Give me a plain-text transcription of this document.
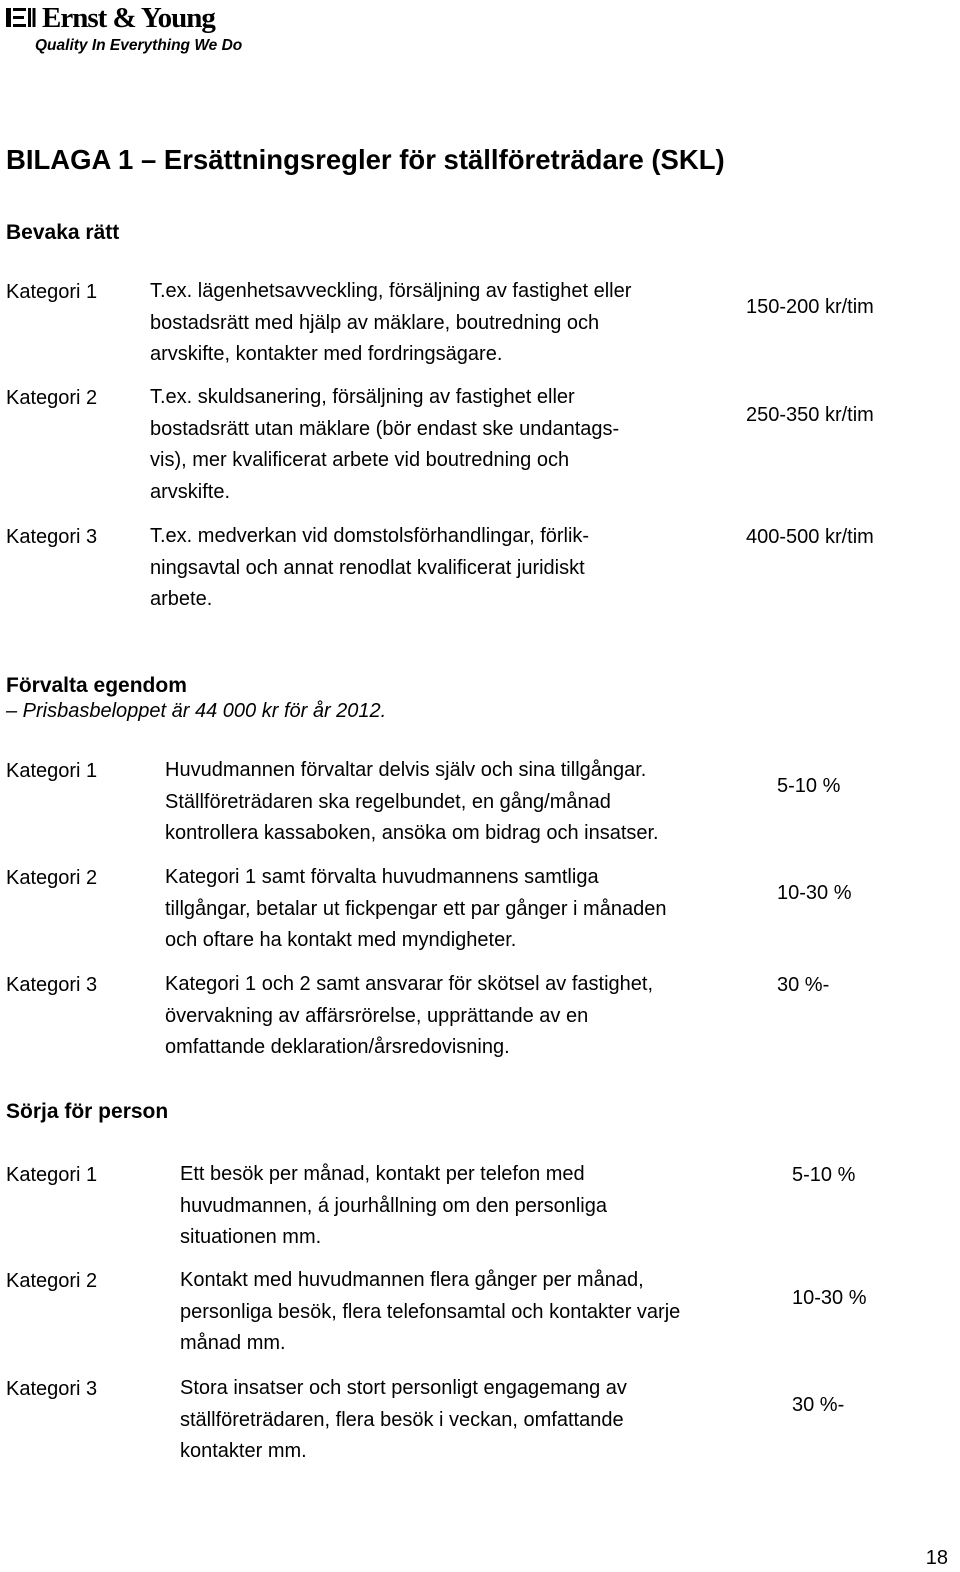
Ernst & Young
Quality In Everything We Do
BILAGA 1 – Ersättningsregler för ställföreträdare (SKL)
Bevaka rätt
Kategori 1	T.ex. lägenhetsavveckling, försäljning av fastighet eller
bostadsrätt med hjälp av mäklare, boutredning och
arvskifte, kontakter med fordringsägare.
150-200 kr/tim
Kategori 2	T.ex. skuldsanering, försäljning av fastighet eller
bostadsrätt utan mäklare (bör endast ske undantags-
vis), mer kvalificerat arbete vid boutredning och
arvskifte.
250-350 kr/tim
Kategori 3	T.ex. medverkan vid domstolsförhandlingar, förlik-
ningsavtal och annat renodlat kvalificerat juridiskt
arbete.
400-500 kr/tim
Förvalta egendom
– Prisbasbeloppet är 44 000 kr för år 2012.
Kategori 1	Huvudmannen förvaltar delvis själv och sina tillgångar.
Ställföreträdaren ska regelbundet, en gång/månad
kontrollera kassaboken, ansöka om bidrag och insatser.
5-10 %
Kategori 2	Kategori 1 samt förvalta huvudmannens samtliga
tillgångar, betalar ut fickpengar ett par gånger i månaden
och oftare ha kontakt med myndigheter.
10-30 %
Kategori 3	Kategori 1 och 2 samt ansvarar för skötsel av fastighet,
övervakning av affärsrörelse, upprättande av en
omfattande deklaration/årsredovisning.
30 %-
Sörja för person
Kategori 1	Ett besök per månad, kontakt per telefon med
huvudmannen, á jourhållning om den personliga
situationen mm.
5-10 %
Kategori 2	Kontakt med huvudmannen flera gånger per månad,
personliga besök, flera telefonsamtal och kontakter varje
månad mm.
10-30 %
Kategori 3	Stora insatser och stort personligt engagemang av
ställföreträdaren, flera besök i veckan, omfattande
kontakter mm.
30 %-
18
